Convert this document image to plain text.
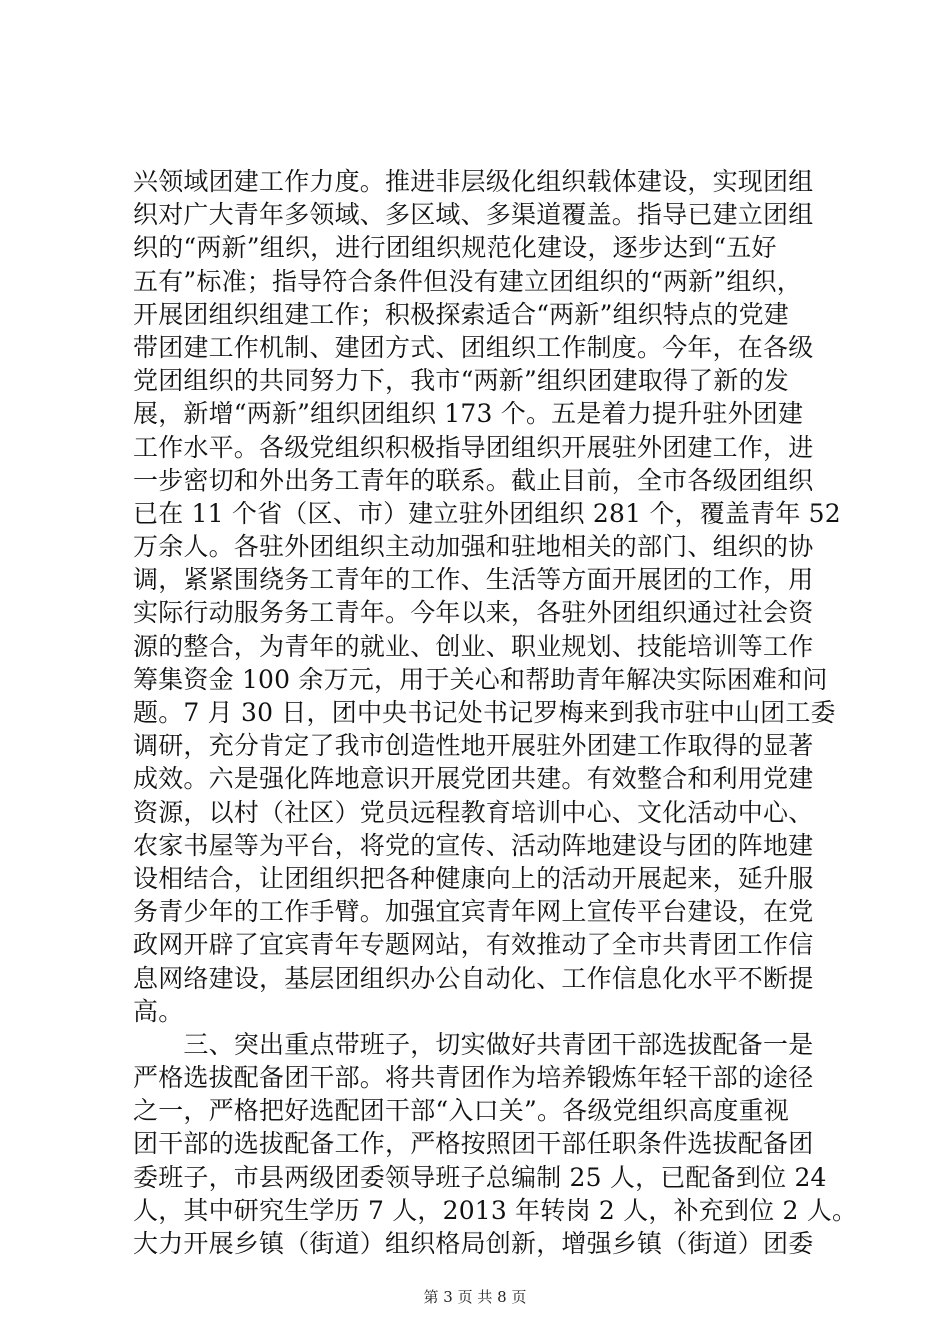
兴领域团建工作力度。推进非层级化组织载体建设，实现团组
织对广大青年多领域、多区域、多渠道覆盖。指导已建立团组
织的“两新”组织，进行团组织规范化建设，逐步达到“五好
五有”标准；指导符合条件但没有建立团组织的“两新”组织，
开展团组织组建工作；积极探索适合“两新”组织特点的党建
带团建工作机制、建团方式、团组织工作制度。今年，在各级
党团组织的共同努力下，我市“两新”组织团建取得了新的发
展，新增“两新”组织团组织 173 个。五是着力提升驻外团建
工作水平。各级党组织积极指导团组织开展驻外团建工作，进
一步密切和外出务工青年的联系。截止目前，全市各级团组织
已在 11 个省（区、市）建立驻外团组织 281 个，覆盖青年 52
万余人。各驻外团组织主动加强和驻地相关的部门、组织的协
调，紧紧围绕务工青年的工作、生活等方面开展团的工作，用
实际行动服务务工青年。今年以来，各驻外团组织通过社会资
源的整合，为青年的就业、创业、职业规划、技能培训等工作
筹集资金 100 余万元，用于关心和帮助青年解决实际困难和问
题。7 月 30 日，团中央书记处书记罗梅来到我市驻中山团工委
调研，充分肯定了我市创造性地开展驻外团建工作取得的显著
成效。六是强化阵地意识开展党团共建。有效整合和利用党建
资源，以村（社区）党员远程教育培训中心、文化活动中心、
农家书屋等为平台，将党的宣传、活动阵地建设与团的阵地建
设相结合，让团组织把各种健康向上的活动开展起来，延升服
务青少年的工作手臂。加强宜宾青年网上宣传平台建设，在党
政网开辟了宜宾青年专题网站，有效推动了全市共青团工作信
息网络建设，基层团组织办公自动化、工作信息化水平不断提
高。
　　三、突出重点带班子，切实做好共青团干部选拔配备一是
严格选拔配备团干部。将共青团作为培养锻炼年轻干部的途径
之一，严格把好选配团干部“入口关”。各级党组织高度重视
团干部的选拔配备工作，严格按照团干部任职条件选拔配备团
委班子，市县两级团委领导班子总编制 25 人，已配备到位 24
人，其中研究生学历 7 人，2013 年转岗 2 人，补充到位 2 人。
大力开展乡镇（街道）组织格局创新，增强乡镇（街道）团委
第 3 页 共 8 页
